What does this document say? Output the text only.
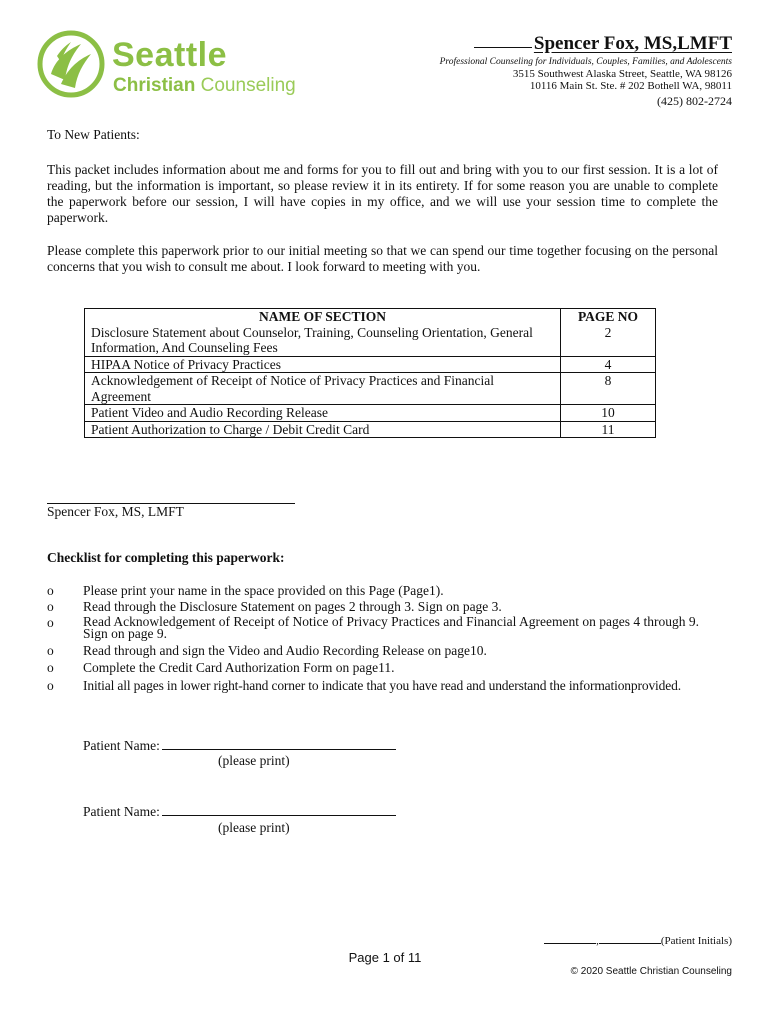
Seattle
Christian Counseling
Spencer Fox, MS,LMFT
Professional Counseling for Individuals, Couples, Families, and Adolescents
3515 Southwest Alaska Street, Seattle, WA 98126
10116 Main St. Ste. # 202 Bothell WA, 98011
(425) 802-2724
To New Patients:
This packet includes information about me and forms for you to fill out and bring with you to our first session. It is a lot of reading, but the information is important, so please review it in its entirety. If for some reason you are unable to complete the paperwork before our session, I will have copies in my office, and we will use your session time to complete the paperwork.
Please complete this paperwork prior to our initial meeting so that we can spend our time together focusing on the personal concerns that you wish to consult me about. I look forward to meeting with you.
NAME OF SECTION	PAGE NO
Disclosure Statement about Counselor, Training, Counseling Orientation, General Information, And Counseling Fees	2
HIPAA Notice of Privacy Practices	4
Acknowledgement of Receipt of Notice of Privacy Practices and Financial Agreement	8
Patient Video and Audio Recording Release	10
Patient Authorization to Charge / Debit Credit Card	11
Spencer Fox, MS, LMFT
Checklist for completing this paperwork:
o Please print your name in the space provided on this Page (Page1).
o Read through the Disclosure Statement on pages 2 through 3. Sign on page 3.
o Read Acknowledgement of Receipt of Notice of Privacy Practices and Financial Agreement on pages 4 through 9. Sign on page 9.
o Read through and sign the Video and Audio Recording Release on page10.
o Complete the Credit Card Authorization Form on page11.
o Initial all pages in lower right-hand corner to indicate that you have read and understand the informationprovided.
Patient Name:
(please print)
Patient Name:
(please print)
,	(Patient Initials)
Page 1 of 11
© 2020 Seattle Christian Counseling
